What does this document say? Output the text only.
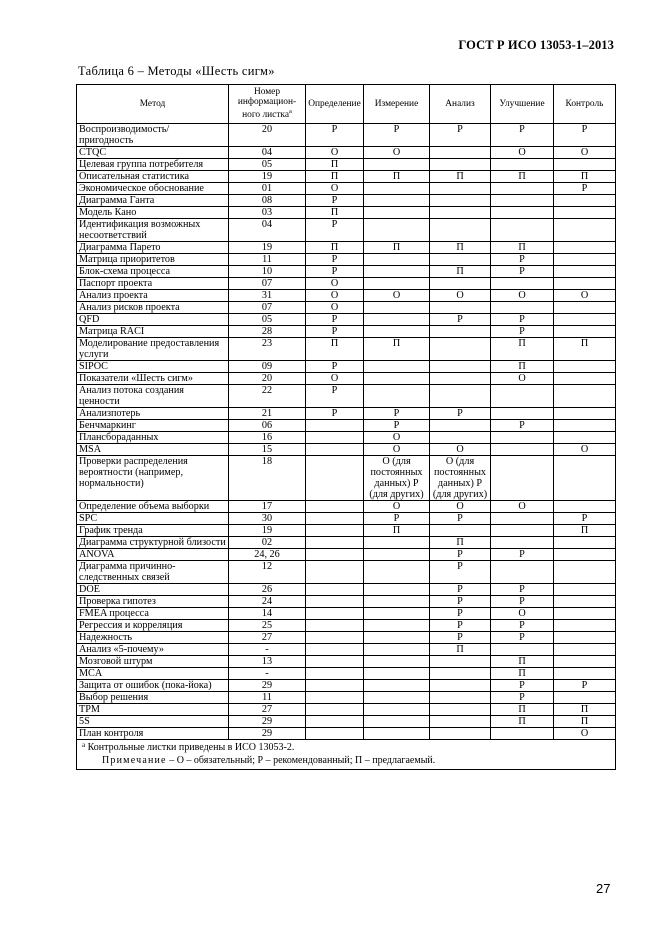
ГОСТ Р ИСО 13053-1–2013
Таблица 6 – Методы «Шесть сигм»
Метод	Номер информацион-ного листка$^a$	Определение	Измерение	Анализ	Улучшение	Контроль
Воспроизводимость/ пригодность	20	Р	Р	Р	Р	Р
CTQC	04	О	О		О	О
Целевая группа потребителя	05	П				
Описательная статистика	19	П	П	П	П	П
Экономическое обоснование	01	О				Р
Диаграмма Ганта	08	Р				
Модель Кано	03	П				
Идентификация возможных несоответствий	04	Р				
Диаграмма Парето	19	П	П	П	П	
Матрица приоритетов	11	Р			Р	
Блок-схема процесса	10	Р		П	Р	
Паспорт проекта	07	О				
Анализ проекта	31	О	О	О	О	О
Анализ рисков проекта	07	О				
QFD	05	Р		Р	Р	
Матрица RACI	28	Р			Р	
Моделирование предоставления услуги	23	П	П		П	П
SIPOC	09	Р			П	
Показатели «Шесть сигм»	20	О			О	
Анализ потока создания ценности	22	Р				
Анализпотерь	21	Р	Р	Р		
Бенчмаркинг	06		Р		Р	
Плансбораданных	16		О			
MSA	15		О	О		О
Проверки распределения вероятности (например, нормальности)	18		О (для постоянных данных) Р (для других)	О (для постоянных данных) Р (для других)		
Определение объема выборки	17		О	О	О	
SPC	30		Р	Р		Р
График тренда	19		П			П
Диаграмма структурной близости	02			П		
ANOVA	24, 26			Р	Р	
Диаграмма причинно-следственных связей	12			Р		
DOE	26			Р	Р	
Проверка гипотез	24			Р	Р	
FMEA процесса	14			Р	О	
Регрессия и корреляция	25			Р	Р	
Надежность	27			Р	Р	
Анализ «5-почему»	-			П		
Мозговой штурм	13				П	
MCA	-				П	
Защита от ошибок (пока-йока)	29				Р	Р
Выбор решения	11				Р	
TPM	27				П	П
5S	29				П	П
План контроля	29					О

$^а$ Контрольные листки приведены в ИСО 13053-2.
Примечание – О – обязательный; Р – рекомендованный; П – предлагаемый.						
27
